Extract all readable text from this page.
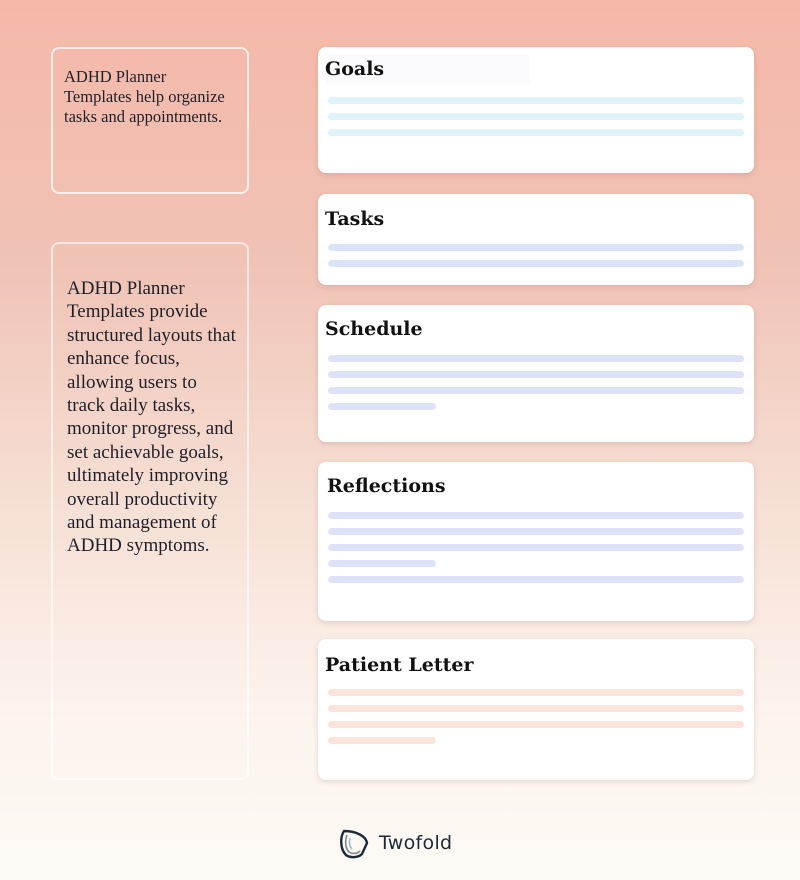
ADHD Planner Templates help organize tasks and appointments.
ADHD Planner Templates provide structured layouts that enhance focus, allowing users to track daily tasks, monitor progress, and set achievable goals, ultimately improving overall productivity and management of ADHD symptoms.
Goals
Tasks
Schedule
Reflections
Patient Letter
Twofold
